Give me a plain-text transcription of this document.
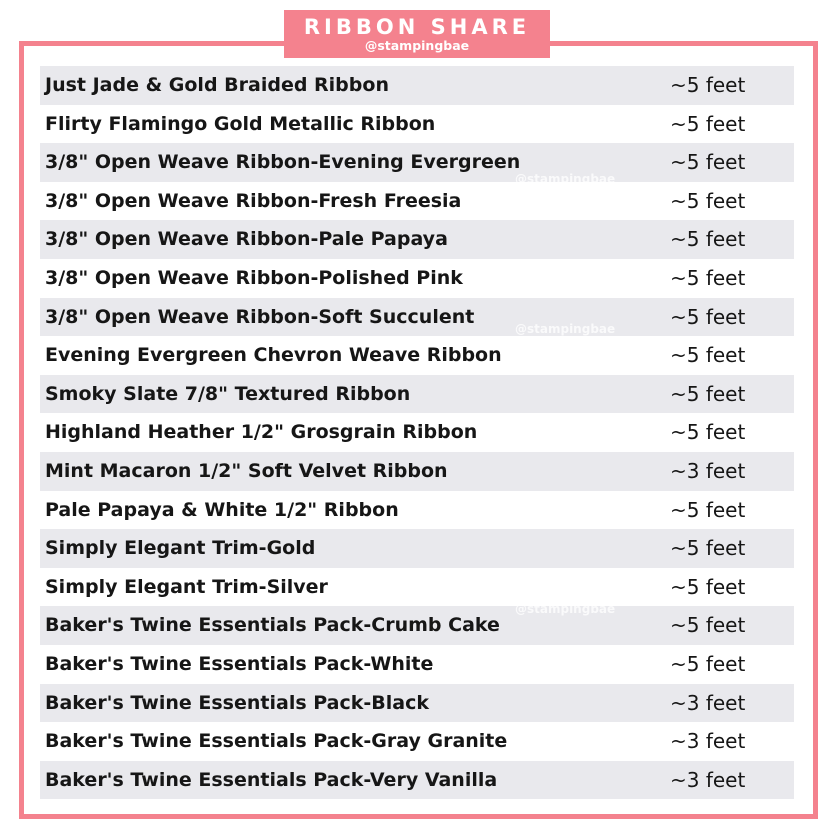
RIBBON SHARE
@stampingbae
Just Jade & Gold Braided Ribbon	~5 feet
Flirty Flamingo Gold Metallic Ribbon	~5 feet
3/8" Open Weave Ribbon-Evening Evergreen	~5 feet
3/8" Open Weave Ribbon-Fresh Freesia	~5 feet
3/8" Open Weave Ribbon-Pale Papaya	~5 feet
3/8" Open Weave Ribbon-Polished Pink	~5 feet
3/8" Open Weave Ribbon-Soft Succulent	~5 feet
Evening Evergreen Chevron Weave Ribbon	~5 feet
Smoky Slate 7/8" Textured Ribbon	~5 feet
Highland Heather 1/2" Grosgrain Ribbon	~5 feet
Mint Macaron 1/2" Soft Velvet Ribbon	~3 feet
Pale Papaya & White 1/2" Ribbon	~5 feet
Simply Elegant Trim-Gold	~5 feet
Simply Elegant Trim-Silver	~5 feet
Baker's Twine Essentials Pack-Crumb Cake	~5 feet
Baker's Twine Essentials Pack-White	~5 feet
Baker's Twine Essentials Pack-Black	~3 feet
Baker's Twine Essentials Pack-Gray Granite	~3 feet
Baker's Twine Essentials Pack-Very Vanilla	~3 feet
@stampingbae
@stampingbae
@stampingbae
